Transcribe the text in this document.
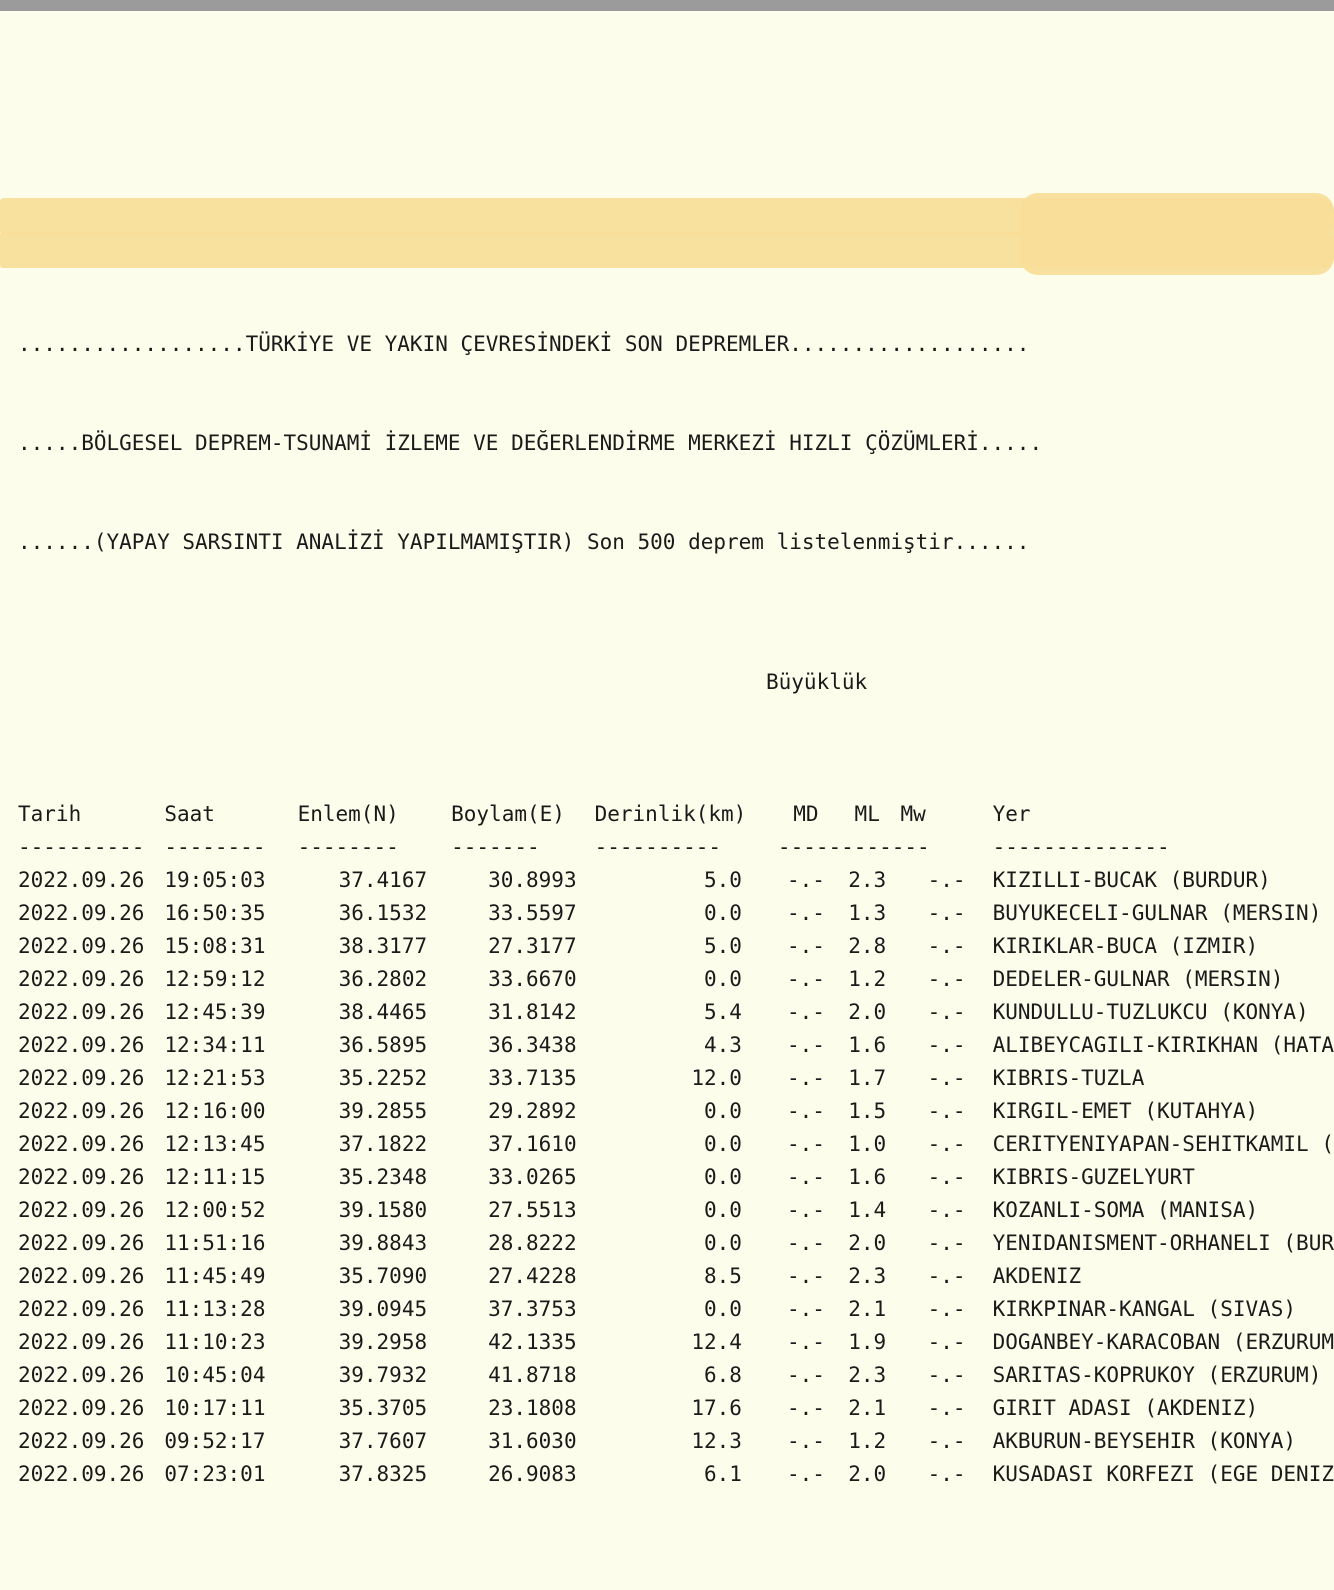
..................TÜRKİYE VE YAKIN ÇEVRESİNDEKİ SON DEPREMLER...................

.....BÖLGESEL DEPREM-TSUNAMİ İZLEME VE DEĞERLENDİRME MERKEZİ HIZLI ÇÖZÜMLERİ.....

......(YAPAY SARSINTI ANALİZİ YAPILMAMIŞTIR) Son 500 deprem listelenmiştir......

Büyüklük

Tarih	Saat	Enlem(N)	Boylam(E)	Derinlik(km)	MD	ML	Mw	Yer
----------	--------	--------	-------	----------	------------			--------------
2022.09.26	19:05:03	37.4167	30.8993	5.0	-.-	2.3	-.-	KIZILLI-BUCAK (BURDUR)
2022.09.26	16:50:35	36.1532	33.5597	0.0	-.-	1.3	-.-	BUYUKECELI-GULNAR (MERSIN)
2022.09.26	15:08:31	38.3177	27.3177	5.0	-.-	2.8	-.-	KIRIKLAR-BUCA (IZMIR)
2022.09.26	12:59:12	36.2802	33.6670	0.0	-.-	1.2	-.-	DEDELER-GULNAR (MERSIN)
2022.09.26	12:45:39	38.4465	31.8142	5.4	-.-	2.0	-.-	KUNDULLU-TUZLUKCU (KONYA)
2022.09.26	12:34:11	36.5895	36.3438	4.3	-.-	1.6	-.-	ALIBEYCAGILI-KIRIKHAN (HATA
2022.09.26	12:21:53	35.2252	33.7135	12.0	-.-	1.7	-.-	KIBRIS-TUZLA
2022.09.26	12:16:00	39.2855	29.2892	0.0	-.-	1.5	-.-	KIRGIL-EMET (KUTAHYA)
2022.09.26	12:13:45	37.1822	37.1610	0.0	-.-	1.0	-.-	CERITYENIYAPAN-SEHITKAMIL (
2022.09.26	12:11:15	35.2348	33.0265	0.0	-.-	1.6	-.-	KIBRIS-GUZELYURT
2022.09.26	12:00:52	39.1580	27.5513	0.0	-.-	1.4	-.-	KOZANLI-SOMA (MANISA)
2022.09.26	11:51:16	39.8843	28.8222	0.0	-.-	2.0	-.-	YENIDANISMENT-ORHANELI (BUR
2022.09.26	11:45:49	35.7090	27.4228	8.5	-.-	2.3	-.-	AKDENIZ
2022.09.26	11:13:28	39.0945	37.3753	0.0	-.-	2.1	-.-	KIRKPINAR-KANGAL (SIVAS)
2022.09.26	11:10:23	39.2958	42.1335	12.4	-.-	1.9	-.-	DOGANBEY-KARACOBAN (ERZURUM
2022.09.26	10:45:04	39.7932	41.8718	6.8	-.-	2.3	-.-	SARITAS-KOPRUKOY (ERZURUM)
2022.09.26	10:17:11	35.3705	23.1808	17.6	-.-	2.1	-.-	GIRIT ADASI (AKDENIZ)
2022.09.26	09:52:17	37.7607	31.6030	12.3	-.-	1.2	-.-	AKBURUN-BEYSEHIR (KONYA)
2022.09.26	07:23:01	37.8325	26.9083	6.1	-.-	2.0	-.-	KUSADASI KORFEZI (EGE DENIZ
